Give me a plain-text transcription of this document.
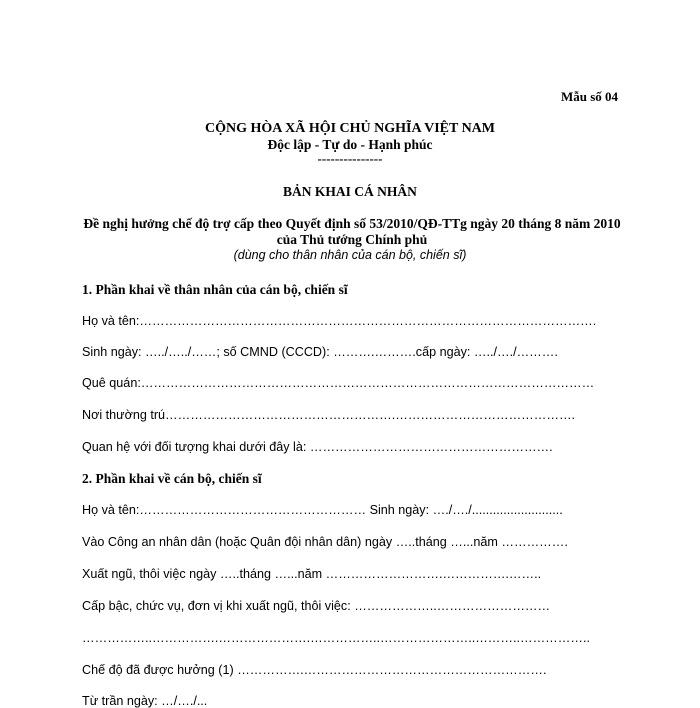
Mẫu số 04
CỘNG HÒA XÃ HỘI CHỦ NGHĨA VIỆT NAM
Độc lập - Tự do - Hạnh phúc
---------------
BẢN KHAI CÁ NHÂN
Đề nghị hưởng chế độ trợ cấp theo Quyết định số 53/2010/QĐ-TTg ngày 20 tháng 8 năm 2010 của Thủ tướng Chính phủ
(dùng cho thân nhân của cán bộ, chiến sĩ)
1. Phần khai về thân nhân của cán bộ, chiến sĩ
Họ và tên:……………………………………………………………………………………………….
Sinh ngày: …../…../……; số CMND (CCCD): ……….……….cấp ngày: …../…./……….
Quê quán:………………………………………………………………………………………………
Nơi thường trú……………………………………………….…………………………………….
Quan hệ với đối tượng khai dưới đây là: ………………………………………………….
2. Phần khai về cán bộ, chiến sĩ
Họ và tên:……………………………………………… Sinh ngày: …./…./..........................
Vào Công an nhân dân (hoặc Quân đội nhân dân) ngày …..tháng …...năm …………….
Xuất ngũ, thôi việc ngày …..tháng …...năm ……………………….…………….……..
Cấp bậc, chức vụ, đơn vị khi xuất ngũ, thôi việc: ………………..………………………
……………..…………….………………….……………..…………………..………..……………..
Chế độ đã được hưởng (1) …………….………………………………………………….
Từ trần ngày: …/…./...
